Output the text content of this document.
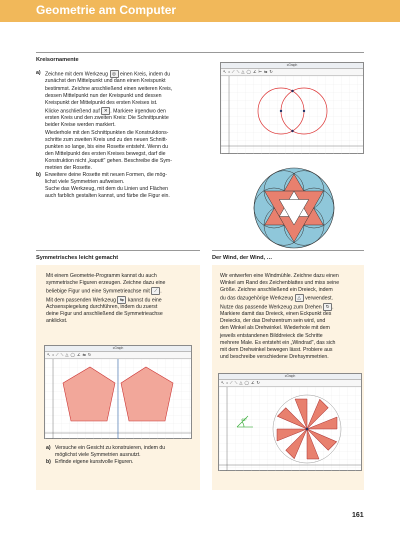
Geometrie am Computer
Kreisornamente
a) Zeichne mit dem Werkzeug ◎ einen Kreis, indem du
zunächst den Mittelpunkt und dann einen Kreispunkt
bestimmst. Zeichne anschließend einen weiteren Kreis,
dessen Mittelpunkt nun der Kreispunkt und dessen
Kreispunkt der Mittelpunkt des ersten Kreises ist.
Klicke anschließend auf ✕ . Markiere irgendwo den
ersten Kreis und den zweiten Kreis: Die Schnittpunkte
beider Kreise werden markiert.
Wiederhole mit den Schnittpunkten die Konstruktions-
schritte zum zweiten Kreis und zu den neuen Schnitt-
punkten so lange, bis eine Rosette entsteht. Wenn du
den Mittelpunkt des ersten Kreises bewegst, darf die
Konstruktion nicht „kaputt" gehen. Beschreibe die Sym-
metrien der Rosette.
b) Erweitere deine Rosette mit neuen Formen, die mög-
lichst viele Symmetrien aufweisen.
Suche das Werkzeug, mit dem du Linien und Flächen
auch farblich gestalten kannst, und färbe die Figur ein.
cGraph
↖ • ⟋ ⟍ △ ◯ ∠ ⊢ ⇆ ↻
Symmetrisches leicht gemacht
Mit einem Geometrie-Programm kannst du auch
symmetrische Figuren erzeugen. Zeichne dazu eine
beliebige Figur und eine Symmetrieachse mit ⟋ .
Mit dem passenden Werkzeug ⇆ kannst du eine
Achsenspiegelung durchführen, indem du zuerst
deine Figur und anschließend die Symmetrieachse
anklickst.
cGraph
↖ • ⟋ ⟍ △ ◯ ∠ ⇆ ↻
a) Versuche ein Gesicht zu konstruieren, indem du
möglichst viele Symmetrien ausnutzt.
b) Erfinde eigene kunstvolle Figuren.
Der Wind, der Wind, …
Wir entwerfen eine Windmühle. Zeichne dazu einen
Winkel am Rand des Zeichenblattes und miss seine
Größe. Zeichne anschließend ein Dreieck, indem
du das dazugehörige Werkzeug △ verwendest.
Nutze das passende Werkzeug zum Drehen ↻ .
Markiere damit das Dreieck, einen Eckpunkt des
Dreiecks, der das Drehzentrum sein wird, und
den Winkel als Drehwinkel. Wiederhole mit dem
jeweils entstandenen Bilddreieck die Schritte
mehrere Male. Es entsteht ein „Windrad", das sich
mit dem Drehwinkel bewegen lässt. Probiere aus
und beschreibe verschiedene Drehsymmetrien.
cGraph
↖ • ⟋ ⟍ △ ◯ ∠ ↻
45°
161
